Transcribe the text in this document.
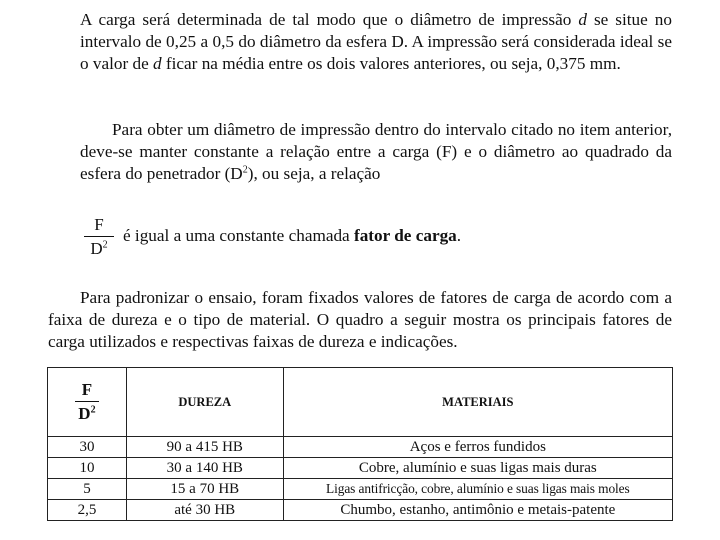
A carga será determinada de tal modo que o diâmetro de impressão d se situe no intervalo de 0,25 a 0,5 do diâmetro da esfera D. A impressão será considerada ideal se o valor de d ficar na média entre os dois valores anteriores, ou seja, 0,375 mm.

Para obter um diâmetro de impressão dentro do intervalo citado no item anterior, deve-se manter constante a relação entre a carga (F) e o diâmetro ao quadrado da esfera do penetrador $(D^2)$, ou seja, a relação

F
$D^2$ é igual a uma constante chamada fator de carga.

Para padronizar o ensaio, foram fixados valores de fatores de carga de acordo com a faixa de dureza e o tipo de material. O quadro a seguir mostra os principais fatores de carga utilizados e respectivas faixas de dureza e indicações.

$\frac{F}{D^2}$	DUREZA	MATERIAIS
30	90 a 415 HB	Aços e ferros fundidos
10	30 a 140 HB	Cobre, alumínio e suas ligas mais duras
5	15 a 70 HB	Ligas antifricção, cobre, alumínio e suas ligas mais moles
2,5	até 30 HB	Chumbo, estanho, antimônio e metais-patente
